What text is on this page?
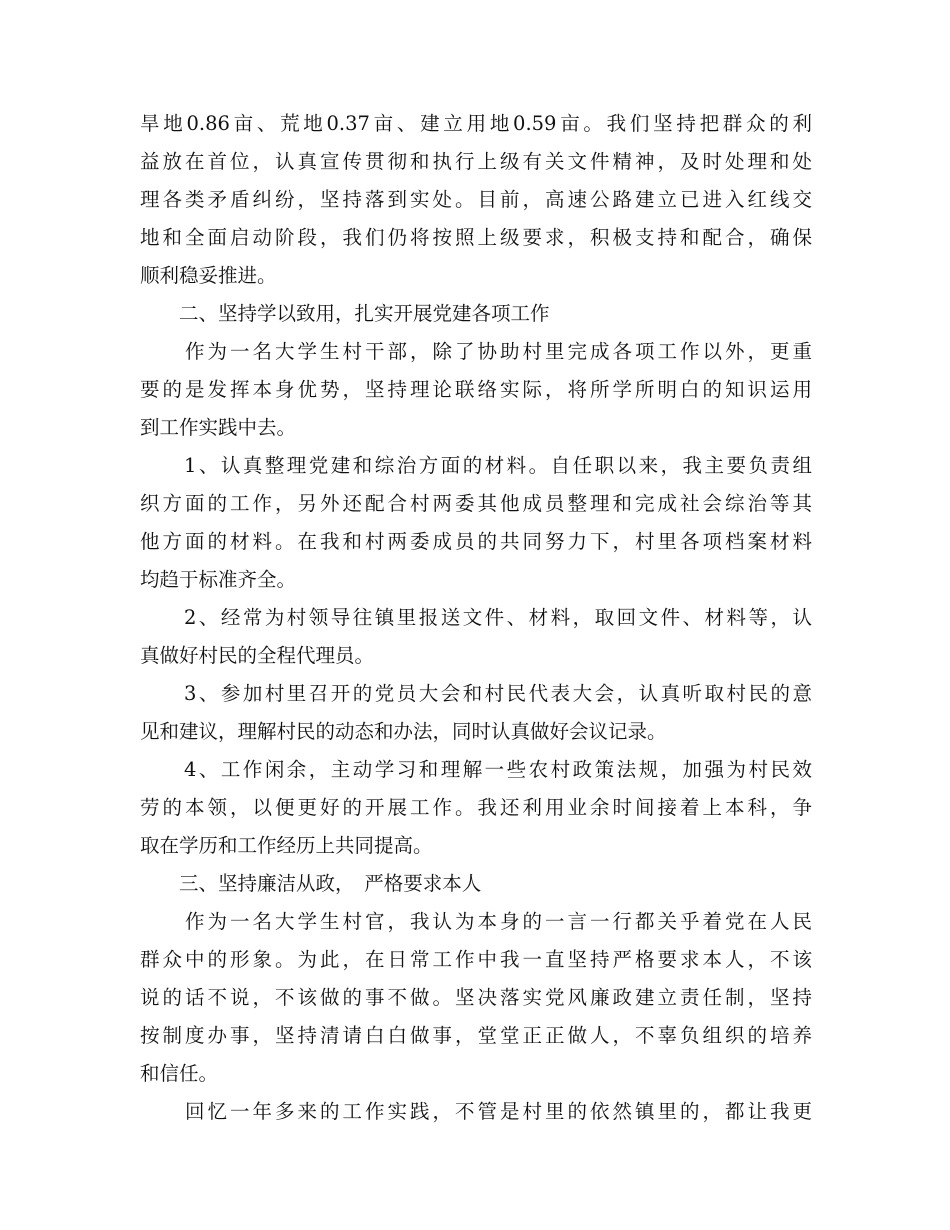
旱地0.86亩、荒地0.37亩、建立用地0.59亩。我们坚持把群众的利
益放在首位，认真宣传贯彻和执行上级有关文件精神，及时处理和处
理各类矛盾纠纷，坚持落到实处。目前，高速公路建立已进入红线交
地和全面启动阶段，我们仍将按照上级要求，积极支持和配合，确保
顺利稳妥推进。
　　二、坚持学以致用，扎实开展党建各项工作
　　作为一名大学生村干部，除了协助村里完成各项工作以外，更重
要的是发挥本身优势，坚持理论联络实际，将所学所明白的知识运用
到工作实践中去。
　　1、认真整理党建和综治方面的材料。自任职以来，我主要负责组
织方面的工作，另外还配合村两委其他成员整理和完成社会综治等其
他方面的材料。在我和村两委成员的共同努力下，村里各项档案材料
均趋于标准齐全。
　　2、经常为村领导往镇里报送文件、材料，取回文件、材料等，认
真做好村民的全程代理员。
　　3、参加村里召开的党员大会和村民代表大会，认真听取村民的意
见和建议，理解村民的动态和办法，同时认真做好会议记录。
　　4、工作闲余，主动学习和理解一些农村政策法规，加强为村民效
劳的本领，以便更好的开展工作。我还利用业余时间接着上本科，争
取在学历和工作经历上共同提高。
　　三、坚持廉洁从政，　严格要求本人
　　作为一名大学生村官，我认为本身的一言一行都关乎着党在人民
群众中的形象。为此，在日常工作中我一直坚持严格要求本人，不该
说的话不说，不该做的事不做。坚决落实党风廉政建立责任制，坚持
按制度办事，坚持清请白白做事，堂堂正正做人，不辜负组织的培养
和信任。
　　回忆一年多来的工作实践，不管是村里的依然镇里的，都让我更
